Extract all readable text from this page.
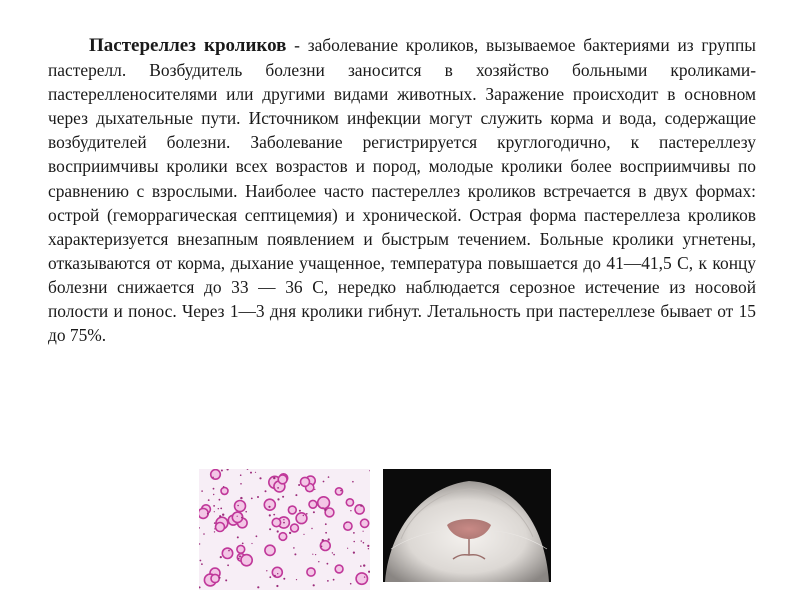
Пастереллез кроликов - заболевание кроликов, вызываемое бактериями из группы пастерелл. Возбудитель болезни заносится в хозяйство больными кроликами-пастерелленосителями или другими видами животных. Заражение происходит в основном через дыхательные пути. Источником инфекции могут служить корма и вода, содержащие возбудителей болезни. Заболевание регистрируется круглогодично, к пастереллезу восприимчивы кролики всех возрастов и пород, молодые кролики более восприимчивы по сравнению с взрослыми. Наиболее часто пастереллез кроликов встречается в двух формах: острой (геморрагическая септицемия) и хронической. Острая форма пастереллеза кроликов характеризуется внезапным появлением и быстрым течением. Больные кролики угнетены, отказываются от корма, дыхание учащенное, температура повышается до 41—41,5 С, к концу болезни снижается до 33 — 36 С, нередко наблюдается серозное истечение из носовой полости и понос. Через 1—3 дня кролики гибнут. Летальность при пастереллезе бывает от 15 до 75%.
